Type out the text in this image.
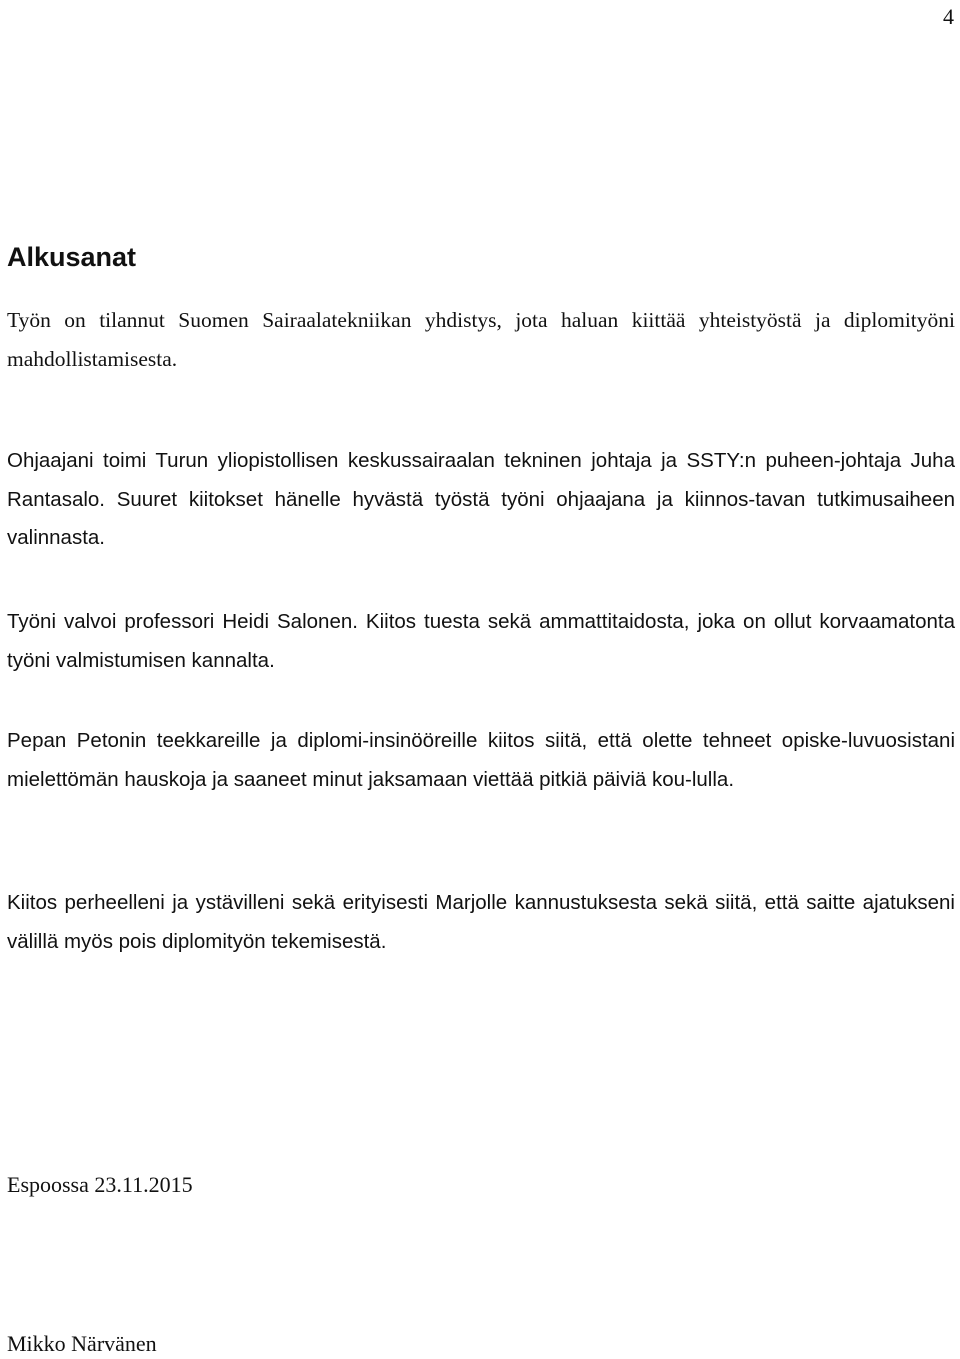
4
Alkusanat

Työn on tilannut Suomen Sairaalatekniikan yhdistys, jota haluan kiittää yhteistyöstä ja diplomityöni mahdollistamisesta.

Ohjaajani toimi Turun yliopistollisen keskussairaalan tekninen johtaja ja SSTY:n puheen-johtaja Juha Rantasalo. Suuret kiitokset hänelle hyvästä työstä työni ohjaajana ja kiinnos-tavan tutkimusaiheen valinnasta.

Työni valvoi professori Heidi Salonen. Kiitos tuesta sekä ammattitaidosta, joka on ollut korvaamatonta työni valmistumisen kannalta.

Pepan Petonin teekkareille ja diplomi-insinööreille kiitos siitä, että olette tehneet opiske-luvuosistani mielettömän hauskoja ja saaneet minut jaksamaan viettää pitkiä päiviä kou-lulla.

Kiitos perheelleni ja ystävilleni sekä erityisesti Marjolle kannustuksesta sekä siitä, että saitte ajatukseni välillä myös pois diplomityön tekemisestä.

Espoossa 23.11.2015

Mikko Närvänen
